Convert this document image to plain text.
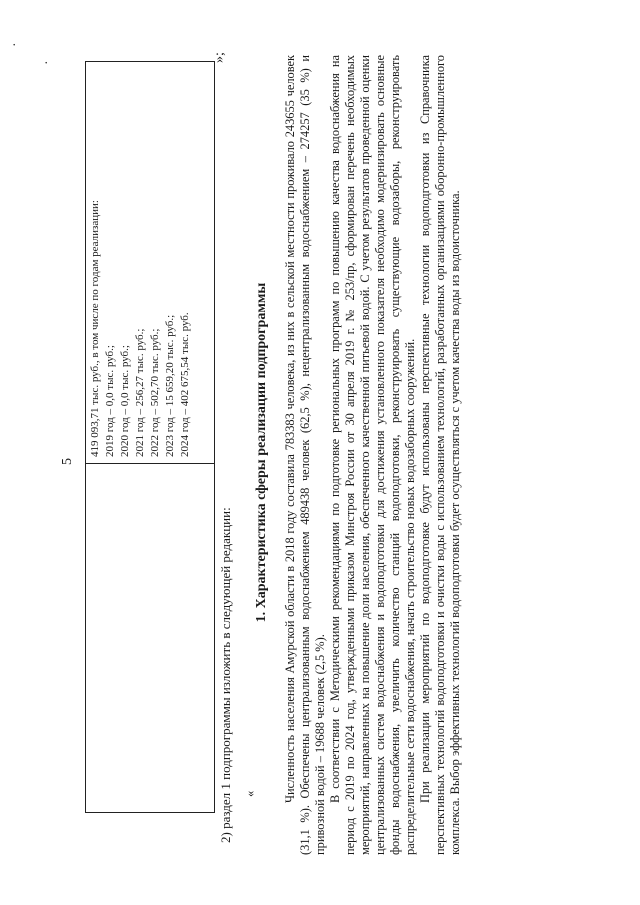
5
419 093,71 тыс. руб., в том числе по годам реализации: 2019 год – 0,0 тыс. руб.; 2020 год – 0,0 тыс. руб.; 2021 год – 256,27 тыс. руб.; 2022 год – 502,70 тыс. руб.; 2023 год – 15 659,20 тыс. руб.; 2024 год – 402 675,54 тыс. руб.
»;
2) раздел 1 подпрограммы изложить в следующей редакции:
1. Характеристика сферы реализации подпрограммы

« Численность населения Амурской области в 2018 году составила 783383 человека, из них в сельской местности проживало 243655 человек (31,1 %). Обеспечены централизованным водоснабжением 489438 человек (62,5 %), нецентрализованным водоснабжением – 274257 (35 %) и привозной водой – 19688 человек (2,5 %). В соответствии с Методическими рекомендациями по подготовке региональных программ по повышению качества водоснабжения на период с 2019 по 2024 год, утвержденными приказом Минстроя России от 30 апреля 2019 г. № 253/пр, сформирован перечень необходимых мероприятий, направленных на повышение доли населения, обеспеченного качественной питьевой водой. С учетом результатов проведенной оценки централизованных систем водоснабжения и водоподготовки для достижения установленного показателя необходимо модернизировать основные фонды водоснабжения, увеличить количество станций водоподготовки, реконструировать существующие водозаборы, реконструировать распределительные сети водоснабжения, начать строительство новых водозаборных сооружений. При реализации мероприятий по водоподготовке будут использованы перспективные технологии водоподготовки из Справочника перспективных технологий водоподготовки и очистки воды с использованием технологий, разработанных организациями оборонно-промышленного комплекса. Выбор эффективных технологий водоподготовки будет осуществляться с учетом качества воды из водоисточника.

·
·
